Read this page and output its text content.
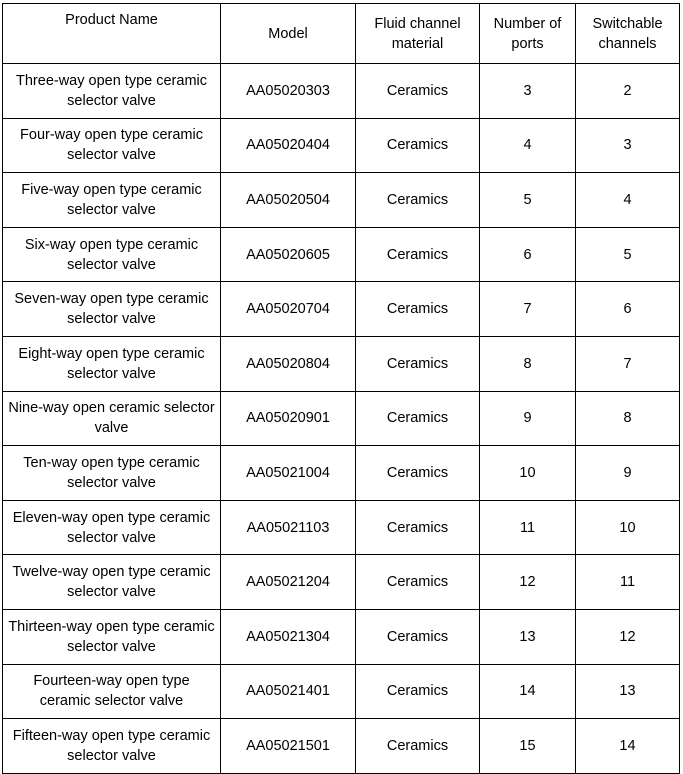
Product Name	Model	Fluid channel material	Number of ports	Switchable channels
Three-way open type ceramic selector valve	AA05020303	Ceramics	3	2
Four-way open type ceramic selector valve	AA05020404	Ceramics	4	3
Five-way open type ceramic selector valve	AA05020504	Ceramics	5	4
Six-way open type ceramic selector valve	AA05020605	Ceramics	6	5
Seven-way open type ceramic selector valve	AA05020704	Ceramics	7	6
Eight-way open type ceramic selector valve	AA05020804	Ceramics	8	7
Nine-way open ceramic selector valve	AA05020901	Ceramics	9	8
Ten-way open type ceramic selector valve	AA05021004	Ceramics	10	9
Eleven-way open type ceramic selector valve	AA05021103	Ceramics	11	10
Twelve-way open type ceramic selector valve	AA05021204	Ceramics	12	11
Thirteen-way open type ceramic selector valve	AA05021304	Ceramics	13	12
Fourteen-way open type ceramic selector valve	AA05021401	Ceramics	14	13
Fifteen-way open type ceramic selector valve	AA05021501	Ceramics	15	14
